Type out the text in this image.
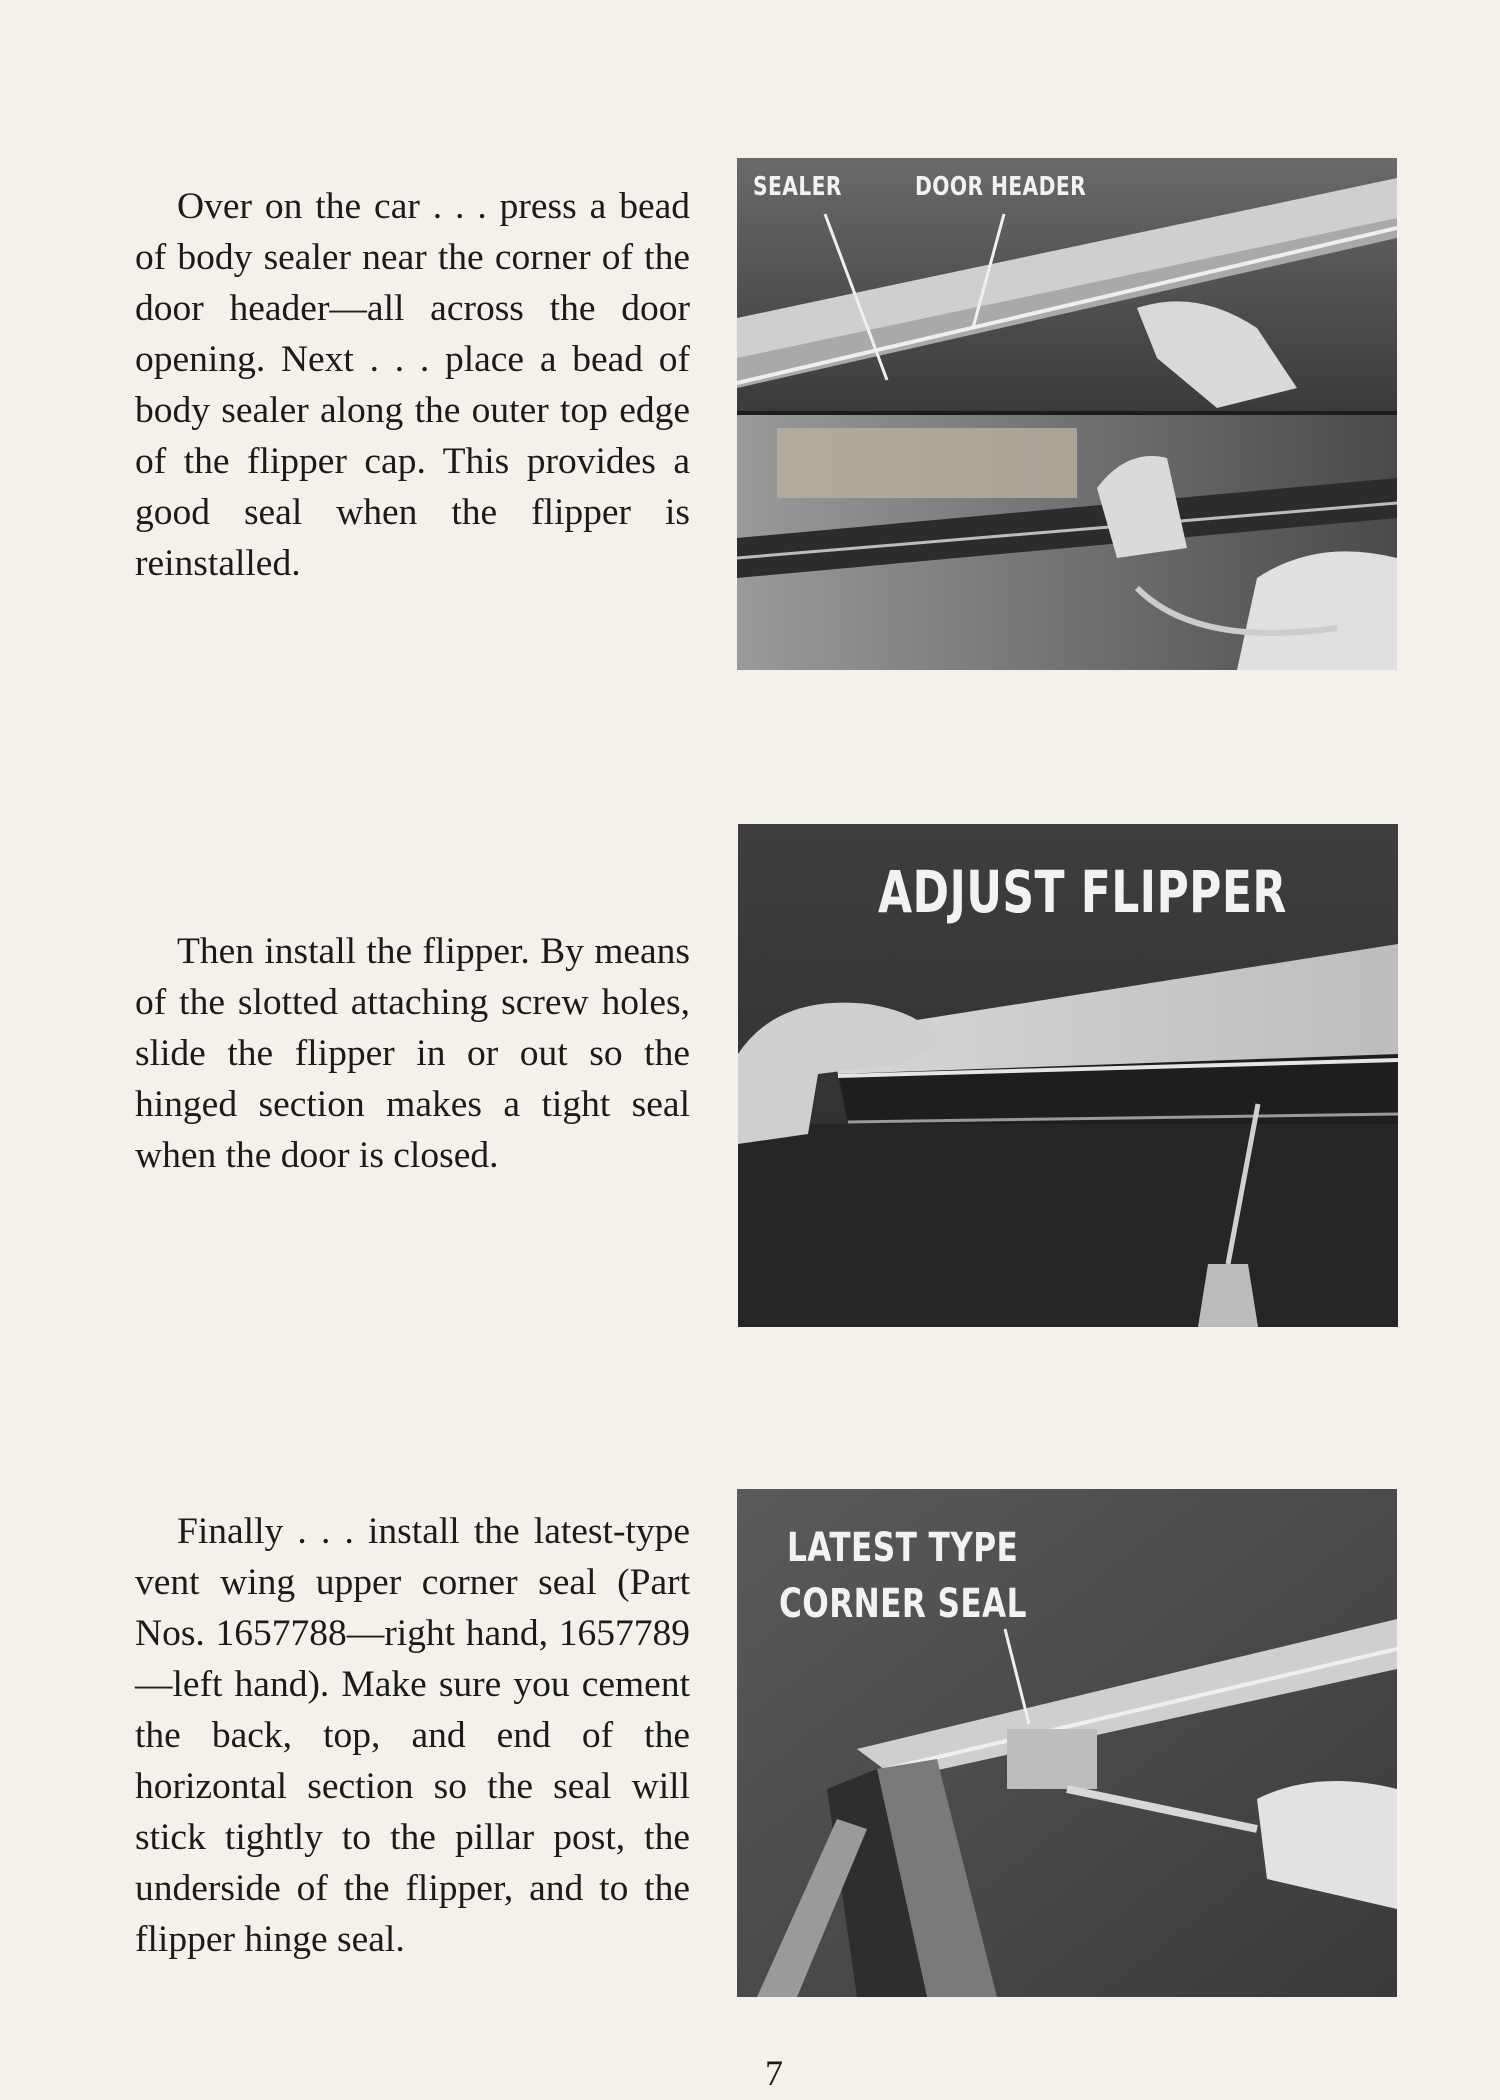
Over on the car . . . press a bead of body sealer near the corner of the door header—all across the door opening. Next . . . place a bead of body sealer along the outer top edge of the flipper cap. This provides a good seal when the flipper is reinstalled.

Then install the flipper. By means of the slotted attaching screw holes, slide the flipper in or out so the hinged section makes a tight seal when the door is closed.

Finally . . . install the latest-type vent wing upper corner seal (Part Nos. 1657788—right hand, 1657789—left hand). Make sure you cement the back, top, and end of the horizontal section so the seal will stick tightly to the pillar post, the underside of the flipper, and to the flipper hinge seal.

SEALER	DOOR HEADER
ADJUST FLIPPER
LATEST TYPE
CORNER SEAL
7
